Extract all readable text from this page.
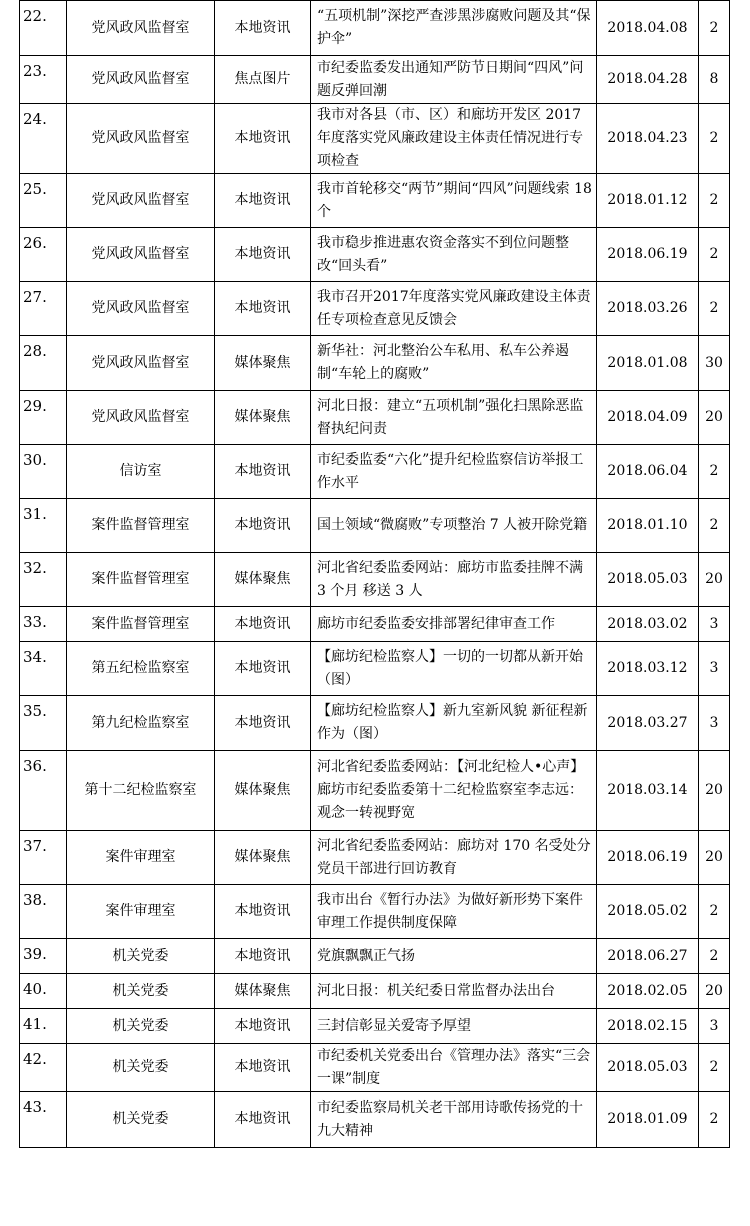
22.	党风政风监督室	本地资讯	“五项机制”深挖严查涉黑涉腐败问题及其“保护伞”	2018.04.08	2
23.	党风政风监督室	焦点图片	市纪委监委发出通知严防节日期间“四风”问题反弹回潮	2018.04.28	8
24.	党风政风监督室	本地资讯	我市对各县（市、区）和廊坊开发区 2017 年度落实党风廉政建设主体责任情况进行专项检查	2018.04.23	2
25.	党风政风监督室	本地资讯	我市首轮移交“两节”期间“四风”问题线索 18 个	2018.01.12	2
26.	党风政风监督室	本地资讯	我市稳步推进惠农资金落实不到位问题整改“回头看”	2018.06.19	2
27.	党风政风监督室	本地资讯	我市召开2017年度落实党风廉政建设主体责任专项检查意见反馈会	2018.03.26	2
28.	党风政风监督室	媒体聚焦	新华社：河北整治公车私用、私车公养遏制“车轮上的腐败”	2018.01.08	30
29.	党风政风监督室	媒体聚焦	河北日报：建立“五项机制”强化扫黑除恶监督执纪问责	2018.04.09	20
30.	信访室	本地资讯	市纪委监委“六化”提升纪检监察信访举报工作水平	2018.06.04	2
31.	案件监督管理室	本地资讯	国土领域“微腐败”专项整治 7 人被开除党籍	2018.01.10	2
32.	案件监督管理室	媒体聚焦	河北省纪委监委网站：廊坊市监委挂牌不满 3 个月 移送 3 人	2018.05.03	20
33.	案件监督管理室	本地资讯	廊坊市纪委监委安排部署纪律审查工作	2018.03.02	3
34.	第五纪检监察室	本地资讯	【廊坊纪检监察人】一切的一切都从新开始（图）	2018.03.12	3
35.	第九纪检监察室	本地资讯	【廊坊纪检监察人】新九室新风貌 新征程新作为（图）	2018.03.27	3
36.	第十二纪检监察室	媒体聚焦	河北省纪委监委网站：【河北纪检人•心声】廊坊市纪委监委第十二纪检监察室李志远：观念一转视野宽	2018.03.14	20
37.	案件审理室	媒体聚焦	河北省纪委监委网站：廊坊对 170 名受处分党员干部进行回访教育	2018.06.19	20
38.	案件审理室	本地资讯	我市出台《暂行办法》为做好新形势下案件审理工作提供制度保障	2018.05.02	2
39.	机关党委	本地资讯	党旗飘飘正气扬	2018.06.27	2
40.	机关党委	媒体聚焦	河北日报：机关纪委日常监督办法出台	2018.02.05	20
41.	机关党委	本地资讯	三封信彰显关爱寄予厚望	2018.02.15	3
42.	机关党委	本地资讯	市纪委机关党委出台《管理办法》落实“三会一课”制度	2018.05.03	2
43.	机关党委	本地资讯	市纪委监察局机关老干部用诗歌传扬党的十九大精神	2018.01.09	2
